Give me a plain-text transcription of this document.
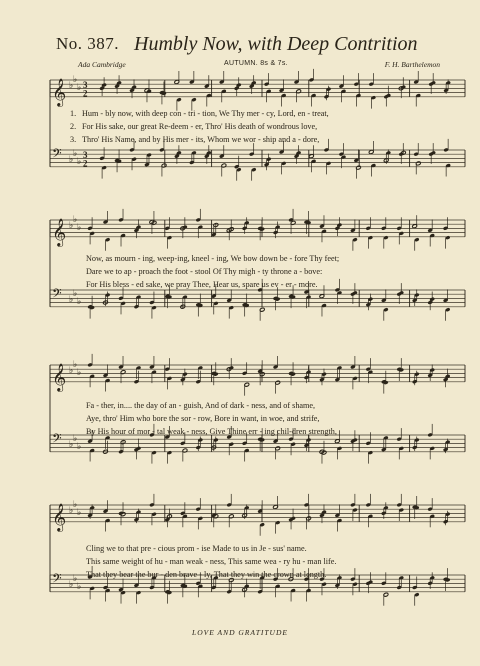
No. 387. Humbly Now, with Deep Contrition
Ada Cambridge	AUTUMN. 8s & 7s.	F. H. Barthelemon
𝄞 ♭
♭
♭ 3
2
𝄞 ♭
♭
♭
𝄞 ♭
♭
♭
𝄞 ♭
♭
♭
𝄢 ♭
♭
♭
3
2
𝄢 ♭
♭
♭
𝄢 ♭
♭
♭
𝄢 ♭
♭
♭
1. Hum - bly now, with deep con - tri - tion, We Thy mer - cy, Lord, en - treat,
2. For His sake, our great Re-deem - er, Thro' His death of wondrous love,
3. Thro' His Name, and by His mer - its, Whom we wor - ship and a - dore,
Now, as mourn - ing, weep-ing, kneel - ing, We bow down be - fore Thy feet;
Dare we to ap - proach the foot - stool Of Thy migh - ty throne a - bove:
For His bless - ed sake, we pray Thee, Hear us, spare us ev - er - more.
Fa - ther, in.... the day of an - guish, And of dark - ness, and of shame,
Aye, thro' Him who bore the sor - row, Bore in want, in woe, and strife,
By His hour of mor - tal weak - ness, Give Thine err - ing chil-dren strength,
Cling we to that pre - cious prom - ise Made to us in Je - sus' name.
This same weight of hu - man weak - ness, This same wea - ry hu - man life.
That they bear the bur - den brave - ly, That they win the crown at length.
LOVE AND GRATITUDE
